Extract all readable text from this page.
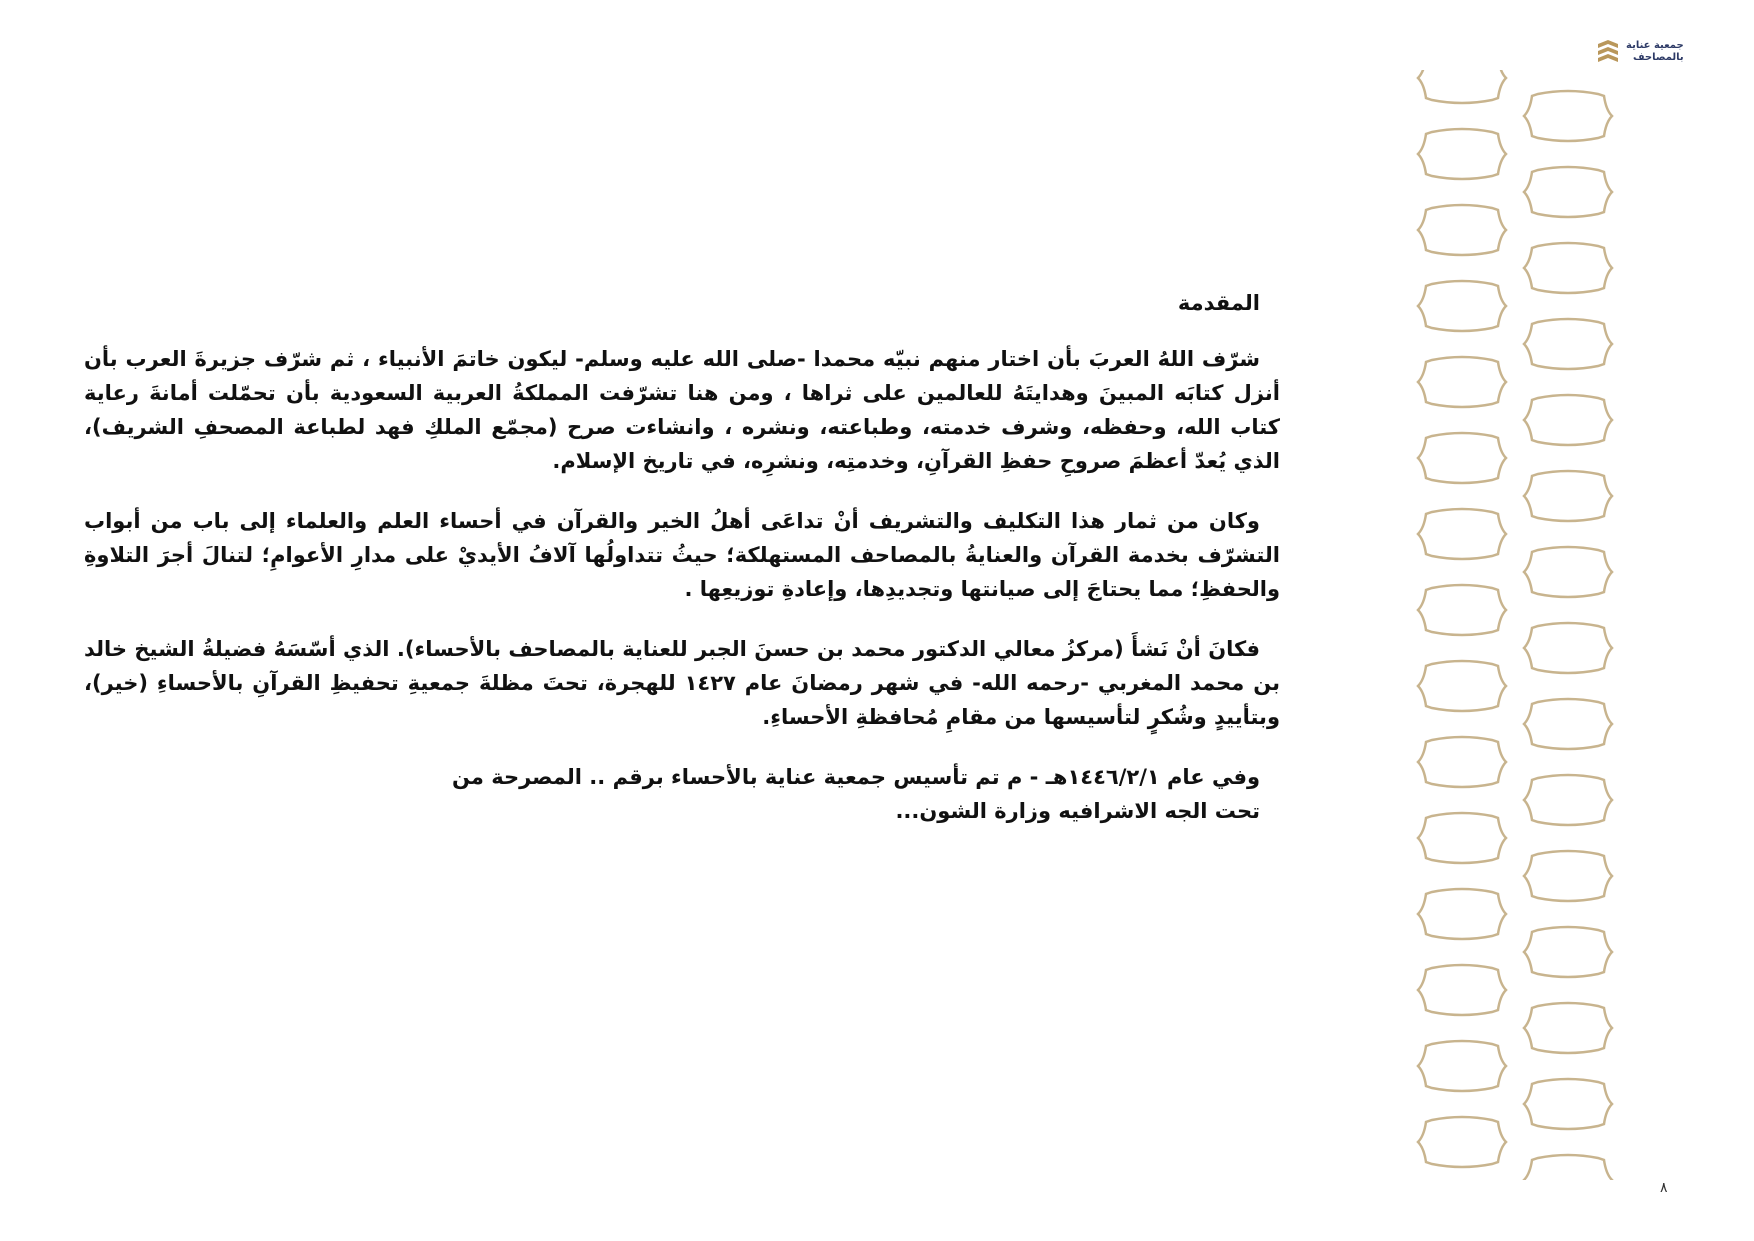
جمعية عناية
بالمصاحف
المقدمة

شرّف اللهُ العربَ بأن اختار منهم نبيّه محمدا -صلى الله عليه وسلم- ليكون خاتمَ الأنبياء ، ثم شرّف جزيرةَ العرب بأن أنزل كتابَه المبينَ وهدايتَهُ للعالمين على ثراها ، ومن هنا تشرّفت المملكةُ العربية السعودية بأن تحمّلت أمانةَ رعاية كتاب الله، وحفظه، وشرف خدمته، وطباعته، ونشره ، وانشاءت صرح (مجمّع الملكِ فهد لطباعة المصحفِ الشريف)، الذي يُعدّ أعظمَ صروحِ حفظِ القرآنِ، وخدمتِه، ونشرِه، في تاريخ الإسلام.

وكان من ثمار هذا التكليف والتشريف أنْ تداعَى أهلُ الخير والقرآن في أحساء العلم والعلماء إلى باب من أبواب التشرّف بخدمة القرآن والعنايةُ بالمصاحف المستهلكة؛ حيثُ تتداولُها آلافُ الأيديْ على مدارِ الأعوامِ؛ لتنالَ أجرَ التلاوةِ والحفظِ؛ مما يحتاجَ إلى صيانتها وتجديدِها، وإعادةِ توزيعِها .

فكانَ أنْ نَشأَ (مركزُ معالي الدكتور محمد بن حسنَ الجبر للعناية بالمصاحف بالأحساء). الذي أسّسَهُ فضيلةُ الشيخ خالد بن محمد المغربي -رحمه الله- في شهر رمضانَ عام ١٤٢٧ للهجرة، تحتَ مظلةَ جمعيةِ تحفيظِ القرآنِ بالأحساءِ (خير)، وبتأييدٍ وشُكرٍ لتأسيسها من مقامِ مُحافظةِ الأحساءِ.

وفي عام ١٤٤٦/٢/١هـ - م تم تأسيس جمعية عناية بالأحساء برقم .. المصرحة من تحت الجه الاشرافيه وزارة الشون...

٨
